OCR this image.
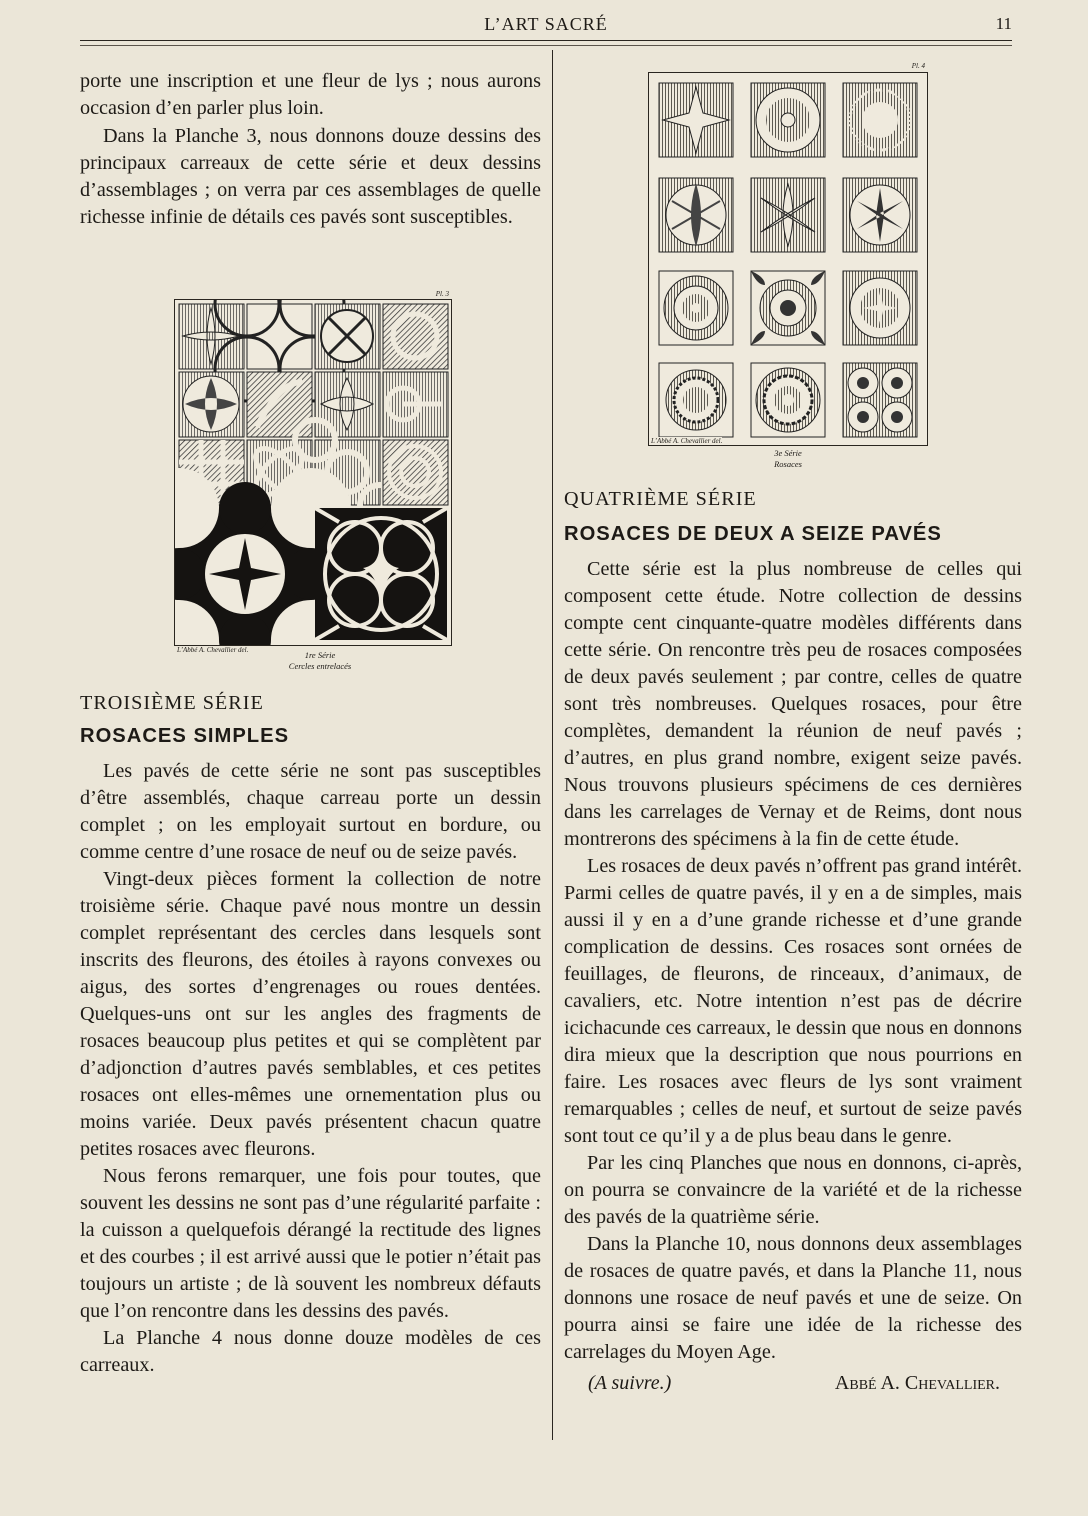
L’ART SACRÉ	11

porte une inscription et une fleur de lys ; nous aurons occasion d’en parler plus loin.

Dans la Planche 3, nous donnons douze dessins des principaux carreaux de cette série et deux dessins d’assemblages ; on verra par ces assemblages de quelle richesse infinie de détails ces pavés sont susceptibles.

Pl. 3
L’Abbé A. Chevallier del.	1re Série
Cercles entrelacés

TROISIÈME SÉRIE

ROSACES SIMPLES

Les pavés de cette série ne sont pas susceptibles d’être assemblés, chaque carreau porte un dessin complet ; on les employait surtout en bordure, ou comme centre d’une rosace de neuf ou de seize pavés.

Vingt-deux pièces forment la collection de notre troisième série. Chaque pavé nous montre un dessin complet représentant des cercles dans lesquels sont inscrits des fleurons, des étoiles à rayons convexes ou aigus, des sortes d’engrenages ou roues dentées. Quelques-uns ont sur les angles des fragments de rosaces beaucoup plus petites et qui se complètent par d’adjonction d’autres pavés semblables, et ces petites rosaces ont elles-mêmes une ornementation plus ou moins variée. Deux pavés présentent chacun quatre petites rosaces avec fleurons.

Nous ferons remarquer, une fois pour toutes, que souvent les dessins ne sont pas d’une régularité parfaite : la cuisson a quelquefois dérangé la rectitude des lignes et des courbes ; il est arrivé aussi que le potier n’était pas toujours un artiste ; de là souvent les nombreux défauts que l’on rencontre dans les dessins des pavés.

La Planche 4 nous donne douze modèles de ces carreaux.

Pl. 4
L’Abbé A. Chevallier del.
3e Série
Rosaces

QUATRIÈME SÉRIE

ROSACES DE DEUX A SEIZE PAVÉS

Cette série est la plus nombreuse de celles qui composent cette étude. Notre collection de dessins compte cent cinquante-quatre modèles différents dans cette série. On rencontre très peu de rosaces composées de deux pavés seulement ; par contre, celles de quatre sont très nombreuses. Quelques rosaces, pour être complètes, demandent la réunion de neuf pavés ; d’autres, en plus grand nombre, exigent seize pavés. Nous trouvons plusieurs spécimens de ces dernières dans les carrelages de Vernay et de Reims, dont nous montrerons des spécimens à la fin de cette étude.

Les rosaces de deux pavés n’offrent pas grand intérêt. Parmi celles de quatre pavés, il y en a de simples, mais aussi il y en a d’une grande richesse et d’une grande complication de dessins. Ces rosaces sont ornées de feuillages, de fleurons, de rinceaux, d’animaux, de cavaliers, etc. Notre intention n’est pas de décrire icichacunde ces carreaux, le dessin que nous en donnons dira mieux que la description que nous pourrions en faire. Les rosaces avec fleurs de lys sont vraiment remarquables ; celles de neuf, et surtout de seize pavés sont tout ce qu’il y a de plus beau dans le genre.

Par les cinq Planches que nous en donnons, ci-après, on pourra se convaincre de la variété et de la richesse des pavés de la quatrième série.

Dans la Planche 10, nous donnons deux assemblages de rosaces de quatre pavés, et dans la Planche 11, nous donnons une rosace de neuf pavés et une de seize. On pourra ainsi se faire une idée de la richesse des carrelages du Moyen Age.

(A suivre.)	Abbé A. Chevallier.
